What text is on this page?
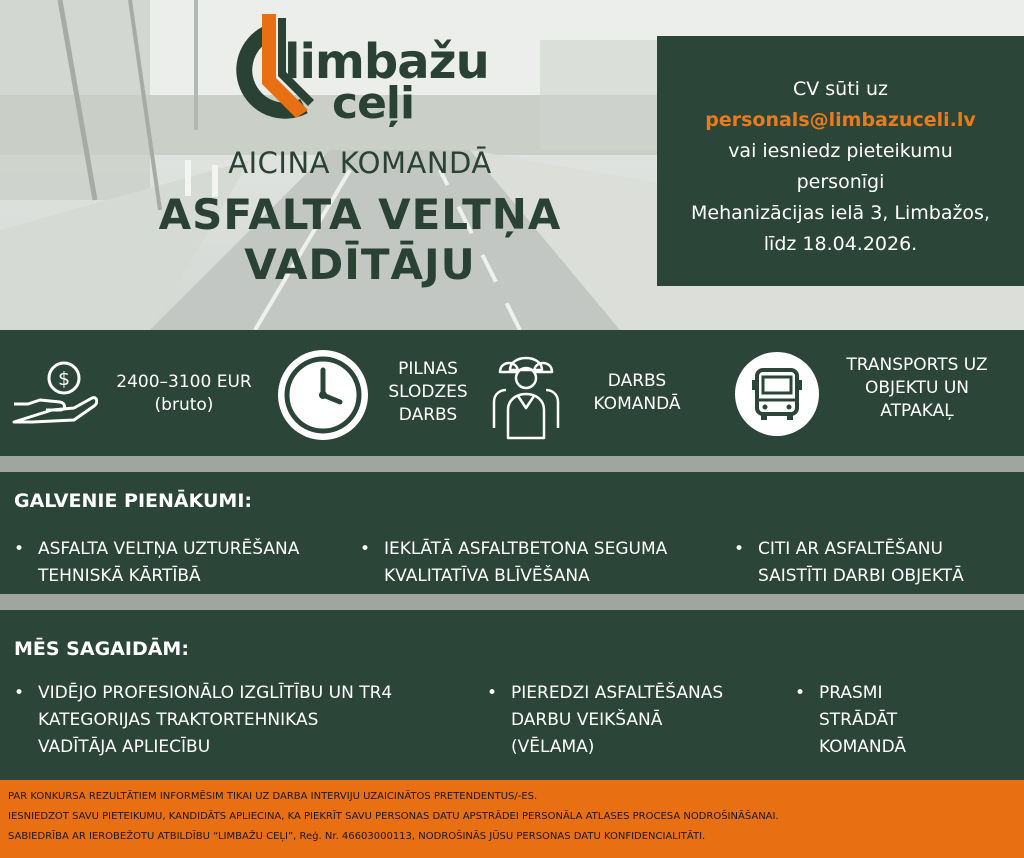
limbažu
ceļi
AICINA KOMANDĀ
ASFALTA VELTŅA
VADĪTĀJU
CV sūti uz
personals@limbazuceli.lv
vai iesniedz pieteikumu
personīgi
Mehanizācijas ielā 3, Limbažos,
līdz 18.04.2026.
$	2400–3100 EUR
(bruto)
PILNAS
SLODZES
DARBS
DARBS
KOMANDĀ
TRANSPORTS UZ
OBJEKTU UN
ATPAKAĻ
GALVENIE PIENĀKUMI:
• ASFALTA VELTŅA UZTURĒŠANA
TEHNISKĀ KĀRTĪBĀ
• IEKLĀTĀ ASFALTBETONA SEGUMA
KVALITATĪVA BLĪVĒŠANA
• CITI AR ASFALTĒŠANU
SAISTĪTI DARBI OBJEKTĀ
MĒS SAGAIDĀM:
• VIDĒJO PROFESIONĀLO IZGLĪTĪBU UN TR4
KATEGORIJAS TRAKTORTEHNIKAS
VADĪTĀJA APLIECĪBU
• PIEREDZI ASFALTĒŠANAS
DARBU VEIKŠANĀ
(VĒLAMA)
• PRASMI
STRĀDĀT
KOMANDĀ
PAR KONKURSA REZULTĀTIEM INFORMĒSIM TIKAI UZ DARBA INTERVIJU UZAICINĀTOS PRETENDENTUS/-ES.
IESNIEDZOT SAVU PIETEIKUMU, KANDIDĀTS APLIECINA, KA PIEKRĪT SAVU PERSONAS DATU APSTRĀDEI PERSONĀLA ATLASES PROCESA NODROŠINĀŠANAI.
SABIEDRĪBA AR IEROBEŽOTU ATBILDĪBU “LIMBAŽU CEĻI”, Reģ. Nr. 46603000113, NODROŠINĀS JŪSU PERSONAS DATU KONFIDENCIALITĀTI.
